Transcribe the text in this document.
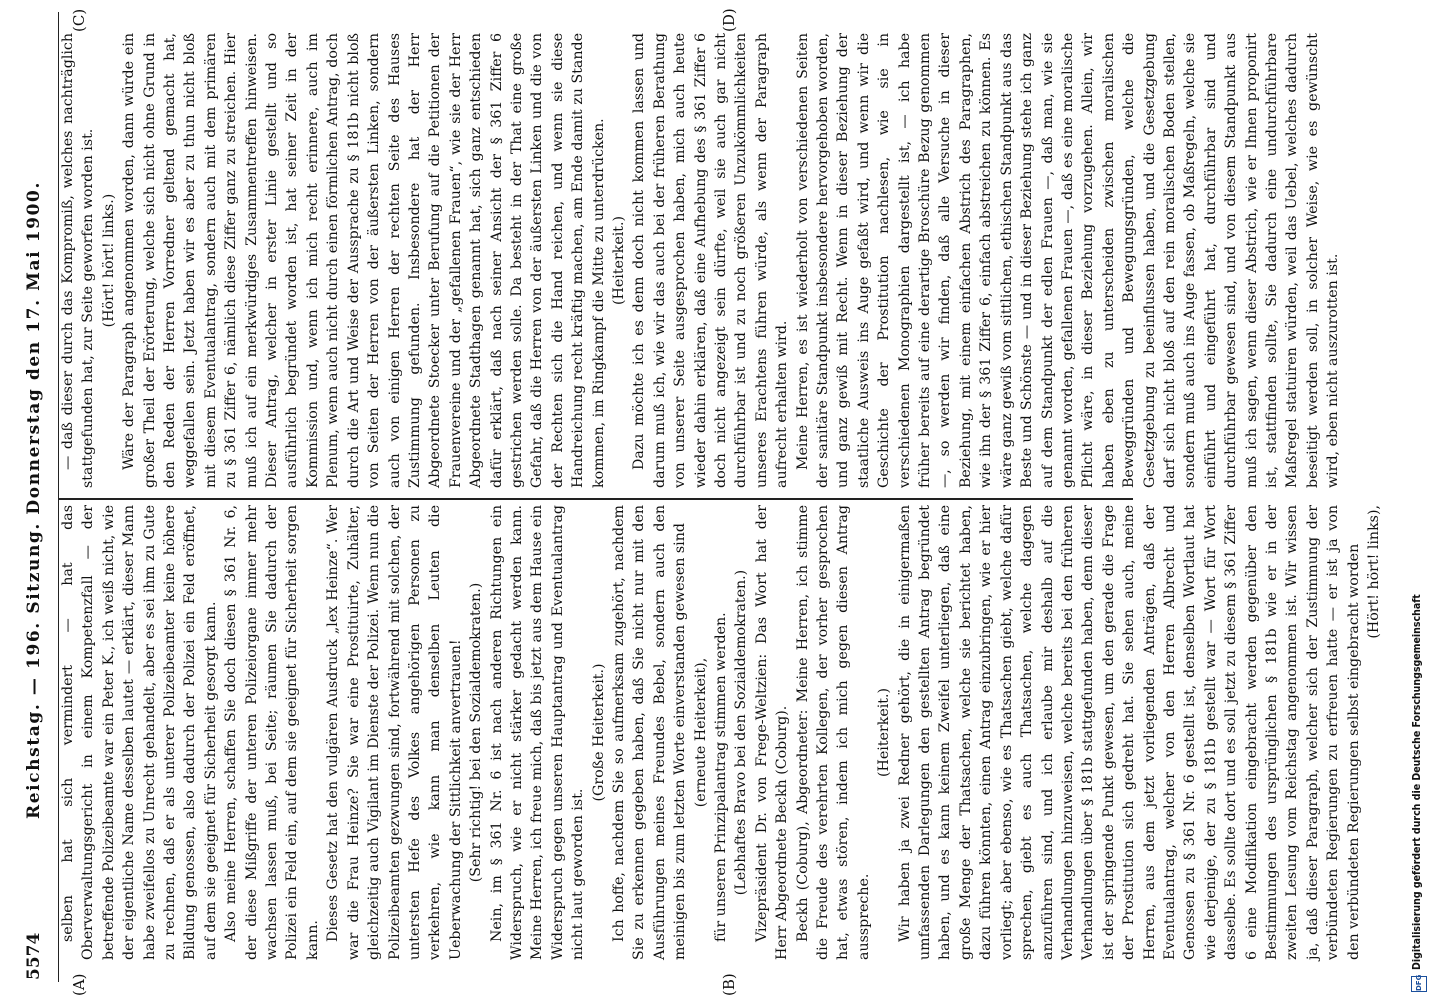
5574
Reichstag. — 196. Sitzung. Donnerstag den 17. Mai 1900.
(A)	(B)
(C)	(D)

selben hat sich vermindert — hat das Oberverwaltungsgericht in einem Kompetenzfall — der betreffende Polizeibeamte war ein Peter K., ich weiß nicht, wie der eigentliche Name desselben lautet — erklärt, dieser Mann habe zweifellos zu Unrecht gehandelt, aber es sei ihm zu Gute zu rechnen, daß er als unterer Polizeibeamter keine höhere Bildung genossen, also dadurch der Polizei ein Feld eröffnet, auf dem sie geeignet für Sicherheit gesorgt kann. Also meine Herren, schaffen Sie doch diesen § 361 Nr. 6, der diese Mißgriffe der unteren Polizeiorgane immer mehr wachsen lassen muß, bei Seite; räumen Sie dadurch der Polizei ein Feld ein, auf dem sie geeignet für Sicherheit sorgen kann. Dieses Gesetz hat den vulgären Ausdruck „lex Heinze“. Wer war die Frau Heinze? Sie war eine Prostituirte, Zuhälter, gleichzeitig auch Vigilant im Dienste der Polizei. Wenn nun die Polizeibeamten gezwungen sind, fortwährend mit solchen, der untersten Hefe des Volkes angehörigen Personen zu verkehren, wie kann man denselben Leuten die Ueberwachung der Sittlichkeit anvertrauen! (Sehr richtig! bei den Sozialdemokraten.) Nein, im § 361 Nr. 6 ist nach anderen Richtungen ein Widerspruch, wie er nicht stärker gedacht werden kann. Meine Herren, ich freue mich, daß bis jetzt aus dem Hause ein Widerspruch gegen unseren Hauptantrag und Eventualantrag nicht laut geworden ist.

(Große Heiterkeit.) Ich hoffe, nachdem Sie so aufmerksam zugehört, nachdem Sie zu erkennen gegeben haben, daß Sie nicht nur mit den Ausführungen meines Freundes Bebel, sondern auch den meinigen bis zum letzten Worte einverstanden gewesen sind (erneute Heiterkeit), für unseren Prinzipalantrag stimmen werden. (Lebhaftes Bravo bei den Sozialdemokraten.) Vizepräsident Dr. von Frege-Weltzien: Das Wort hat der Herr Abgeordnete Beckh (Coburg). Beckh (Coburg), Abgeordneter: Meine Herren, ich stimme die Freude des verehrten Kollegen, der vorher gesprochen hat, etwas stören, indem ich mich gegen diesen Antrag ausspreche.

(Heiterkeit.) Wir haben ja zwei Redner gehört, die in einigermaßen umfassenden Darlegungen den gestellten Antrag begründet haben, und es kann keinem Zweifel unterliegen, daß eine große Menge der Thatsachen, welche sie berichtet haben, dazu führen könnten, einen Antrag einzubringen, wie er hier vorliegt; aber ebenso, wie es Thatsachen giebt, welche dafür sprechen, giebt es auch Thatsachen, welche dagegen anzuführen sind, und ich erlaube mir deshalb auf die Verhandlungen hinzuweisen, welche bereits bei den früheren Verhandlungen über § 181b stattgefunden haben, denn dieser ist der springende Punkt gewesen, um den gerade die Frage der Prostitution sich gedreht hat. Sie sehen auch, meine Herren, aus dem jetzt vorliegenden Anträgen, daß der Eventualantrag, welcher von den Herren Albrecht und Genossen zu § 361 Nr. 6 gestellt ist, denselben Wortlaut hat wie derjenige, der zu § 181b gestellt war — Wort für Wort dasselbe. Es sollte dort und es soll jetzt zu diesem § 361 Ziffer 6 eine Modifikation eingebracht werden gegenüber den Bestimmungen des ursprünglichen § 181b wie er in der zweiten Lesung vom Reichstag angenommen ist. Wir wissen ja, daß dieser Paragraph, welcher sich der Zustimmung der verbündeten Regierungen zu erfreuen hatte — er ist ja von den verbündeten Regierungen selbst eingebracht worden (Hört! hört! links),

— daß dieser durch das Kompromiß, welches nachträglich stattgefunden hat, zur Seite geworfen worden ist. (Hört! hört! links.) Wäre der Paragraph angenommen worden, dann würde ein großer Theil der Erörterung, welche sich nicht ohne Grund in den Reden der Herren Vorredner geltend gemacht hat, weggefallen sein. Jetzt haben wir es aber zu thun nicht bloß mit diesem Eventualantrag, sondern auch mit dem primären zu § 361 Ziffer 6, nämlich diese Ziffer ganz zu streichen. Hier muß ich auf ein merkwürdiges Zusammentreffen hinweisen. Dieser Antrag, welcher in erster Linie gestellt und so ausführlich begründet worden ist, hat seiner Zeit in der Kommission und, wenn ich mich recht erinnere, auch im Plenum, wenn auch nicht durch einen förmlichen Antrag, doch durch die Art und Weise der Aussprache zu § 181b nicht bloß von Seiten der Herren von der äußersten Linken, sondern auch von einigen Herren der rechten Seite des Hauses Zustimmung gefunden. Insbesondere hat der Herr Abgeordnete Stoecker unter Berufung auf die Petitionen der Frauenvereine und der „gefallenen Frauen“, wie sie der Herr Abgeordnete Stadthagen genannt hat, sich ganz entschieden dafür erklärt, daß nach seiner Ansicht der § 361 Ziffer 6 gestrichen werden solle. Da besteht in der That eine große Gefahr, daß die Herren von der äußersten Linken und die von der Rechten sich die Hand reichen, und wenn sie diese Handreichung recht kräftig machen, am Ende damit zu Stande kommen, im Ringkampf die Mitte zu unterdrücken. (Heiterkeit.) Dazu möchte ich es denn doch nicht kommen lassen und darum muß ich, wie wir das auch bei der früheren Berathung von unserer Seite ausgesprochen haben, mich auch heute wieder dahin erklären, daß eine Aufhebung des § 361 Ziffer 6 doch nicht angezeigt sein dürfte, weil sie auch gar nicht durchführbar ist und zu noch größeren Unzukömmlichkeiten unseres Erachtens führen würde, als wenn der Paragraph aufrecht erhalten wird. Meine Herren, es ist wiederholt von verschiedenen Seiten der sanitäre Standpunkt insbesondere hervorgehoben worden, und ganz gewiß mit Recht. Wenn in dieser Beziehung der staatliche Ausweis ins Auge gefaßt wird, und wenn wir die Geschichte der Prostitution nachlesen, wie sie in verschiedenen Monographien dargestellt ist, — ich habe früher bereits auf eine derartige Broschüre Bezug genommen —, so werden wir finden, daß alle Versuche in dieser Beziehung, mit einem einfachen Abstrich des Paragraphen, wie ihn der § 361 Ziffer 6, einfach abstreichen zu können. Es wäre ganz gewiß vom sittlichen, ethischen Standpunkt aus das Beste und Schönste — und in dieser Beziehung stehe ich ganz auf dem Standpunkt der edlen Frauen —, daß man, wie sie genannt worden, gefallenen Frauen —, daß es eine moralische Pflicht wäre, in dieser Beziehung vorzugehen. Allein, wir haben eben zu unterscheiden zwischen moralischen Beweggründen und Bewegungsgründen, welche die Gesetzgebung zu beeinflussen haben, und die Gesetzgebung darf sich nicht bloß auf den rein moralischen Boden stellen, sondern muß auch ins Auge fassen, ob Maßregeln, welche sie einführt und eingeführt hat, durchführbar sind und durchführbar gewesen sind, und von diesem Standpunkt aus muß ich sagen, wenn dieser Abstrich, wie er Ihnen proponirt ist, stattfinden sollte, Sie dadurch eine undurchführbare Maßregel statuiren würden, weil das Uebel, welches dadurch beseitigt werden soll, in solcher Weise, wie es gewünscht wird, eben nicht auszurotten ist.

DFG
Digitalisierung gefördert durch die Deutsche Forschungsgemeinschaft
